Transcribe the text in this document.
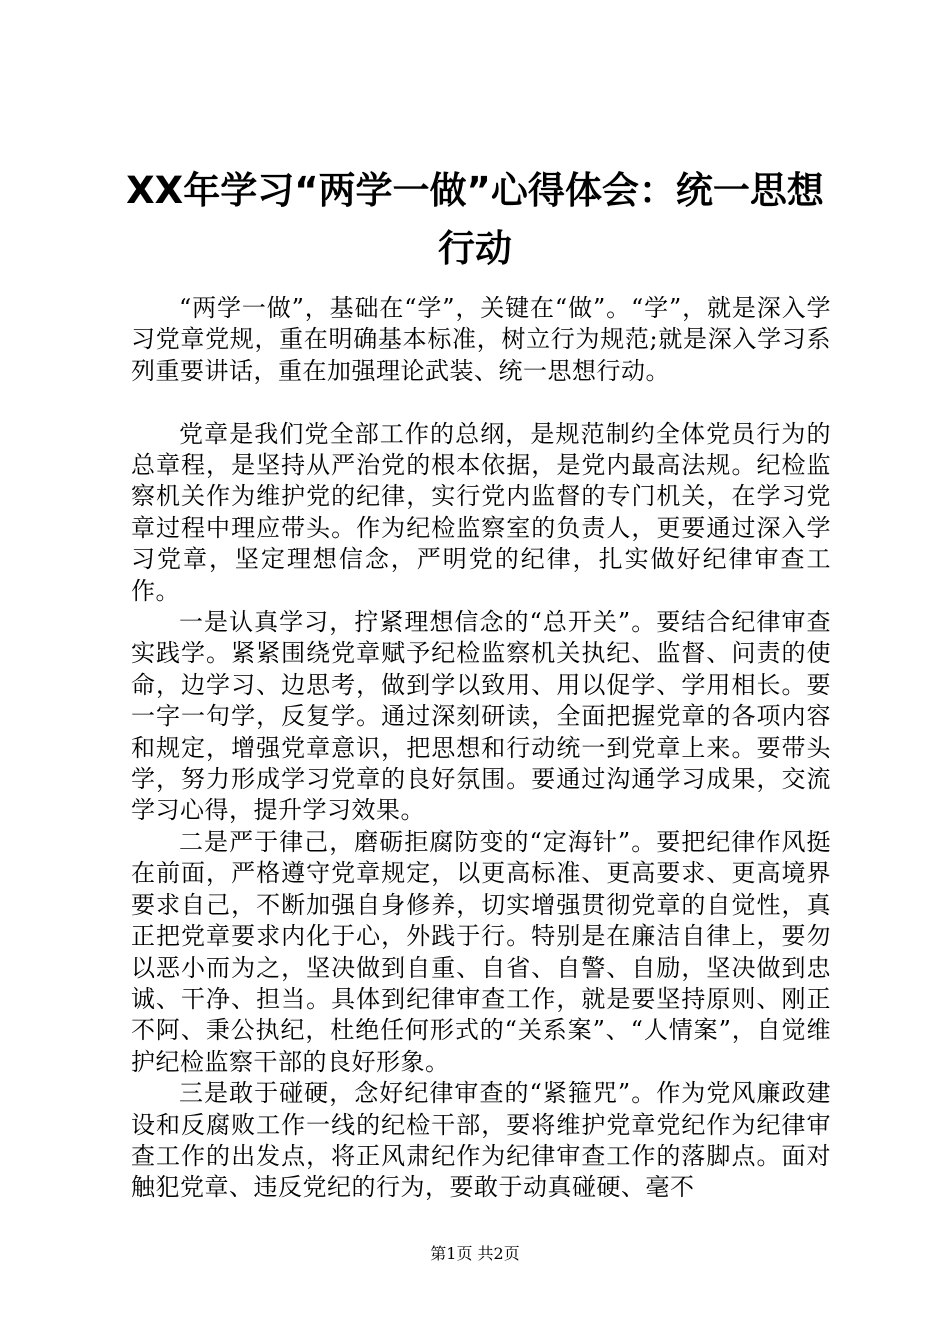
XX年学习“两学一做”心得体会：统一思想行动

“两学一做”，基础在“学”，关键在“做”。“学”，就是深入学习党章党规，重在明确基本标准，树立行为规范;就是深入学习系列重要讲话，重在加强理论武装、统一思想行动。

党章是我们党全部工作的总纲，是规范制约全体党员行为的总章程，是坚持从严治党的根本依据，是党内最高法规。纪检监察机关作为维护党的纪律，实行党内监督的专门机关，在学习党章过程中理应带头。作为纪检监察室的负责人，更要通过深入学习党章，坚定理想信念，严明党的纪律，扎实做好纪律审查工作。

一是认真学习，拧紧理想信念的“总开关”。要结合纪律审查实践学。紧紧围绕党章赋予纪检监察机关执纪、监督、问责的使命，边学习、边思考，做到学以致用、用以促学、学用相长。要一字一句学，反复学。通过深刻研读，全面把握党章的各项内容和规定，增强党章意识，把思想和行动统一到党章上来。要带头学，努力形成学习党章的良好氛围。要通过沟通学习成果，交流学习心得，提升学习效果。

二是严于律己，磨砺拒腐防变的“定海针”。要把纪律作风挺在前面，严格遵守党章规定，以更高标准、更高要求、更高境界要求自己，不断加强自身修养，切实增强贯彻党章的自觉性，真正把党章要求内化于心，外践于行。特别是在廉洁自律上，要勿以恶小而为之，坚决做到自重、自省、自警、自励，坚决做到忠诚、干净、担当。具体到纪律审查工作，就是要坚持原则、刚正不阿、秉公执纪，杜绝任何形式的“关系案”、“人情案”，自觉维护纪检监察干部的良好形象。

三是敢于碰硬，念好纪律审查的“紧箍咒”。作为党风廉政建设和反腐败工作一线的纪检干部，要将维护党章党纪作为纪律审查工作的出发点，将正风肃纪作为纪律审查工作的落脚点。面对触犯党章、违反党纪的行为，要敢于动真碰硬、毫不

第1页 共2页
